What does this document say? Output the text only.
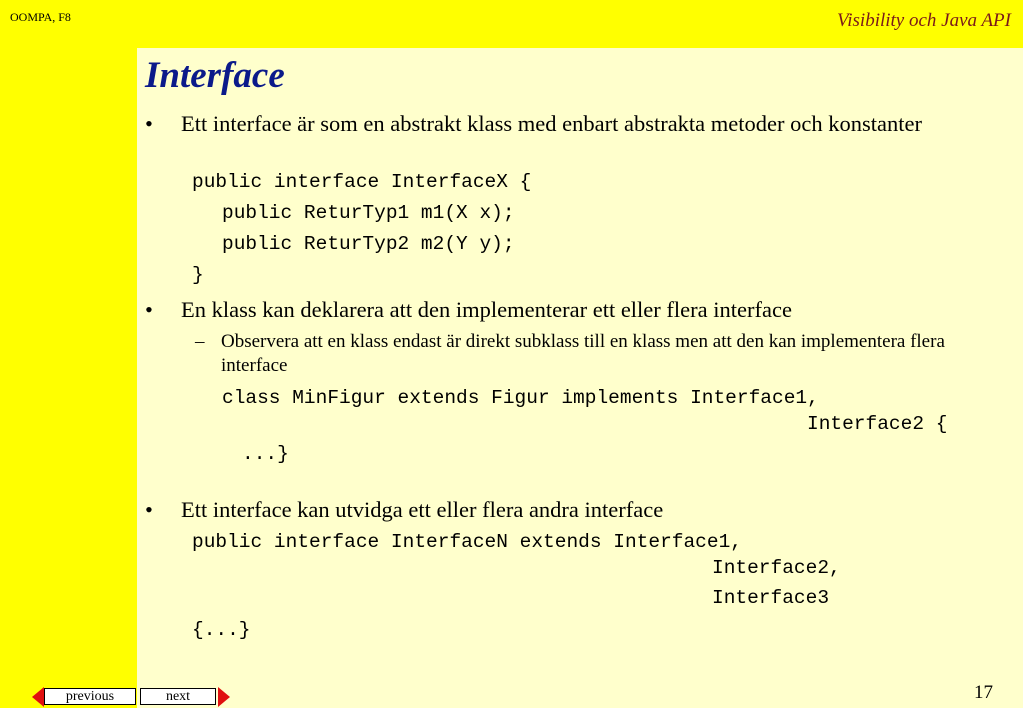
OOMPA, F8	Visibility och Java API
Interface
• Ett interface är som en abstrakt klass med enbart abstrakta metoder och konstanter
public interface InterfaceX {
public ReturTyp1 m1(X x);
public ReturTyp2 m2(Y y);
}
• En klass kan deklarera att den implementerar ett eller flera interface
– Observera att en klass endast är direkt subklass till en klass men att den kan implementera flera interface
class MinFigur extends Figur implements Interface1,
Interface2 {
...}
• Ett interface kan utvidga ett eller flera andra interface
public interface InterfaceN extends Interface1,
Interface2,
Interface3
{...}
previous	next	17
